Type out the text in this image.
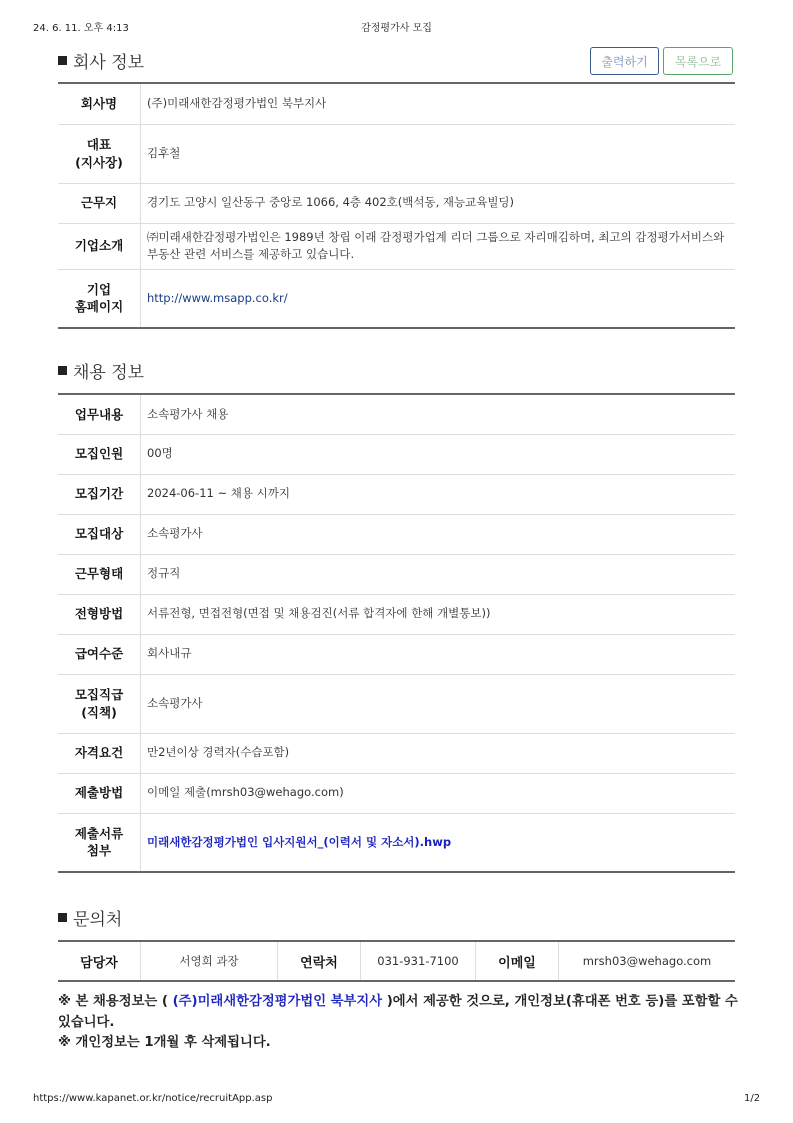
24. 6. 11. 오후 4:13	감정평가사 모집
회사 정보	출력하기	목록으로
회사명	(주)미래새한감정평가법인 북부지사
대표
(지사장)	김후철
근무지	경기도 고양시 일산동구 중앙로 1066, 4층 402호(백석동, 재능교육빌딩)
기업소개	㈜미래새한감정평가법인은 1989년 창립 이래 감정평가업계 리더 그룹으로 자리매김하며, 최고의 감정평가서비스와 부동산 관련 서비스를 제공하고 있습니다.
기업
홈페이지	http://www.msapp.co.kr/
채용 정보
업무내용	소속평가사 채용
모집인원	00명
모집기간	2024-06-11 ~ 채용 시까지
모집대상	소속평가사
근무형태	정규직
전형방법	서류전형, 면접전형(면접 및 채용검진(서류 합격자에 한해 개별통보))
급여수준	회사내규
모집직급
(직책)	소속평가사
자격요건	만2년이상 경력자(수습포함)
제출방법	이메일 제출(mrsh03@wehago.com)
제출서류
첨부	미래새한감정평가법인 입사지원서_(이력서 및 자소서).hwp
문의처
담당자	서영희 과장	연락처	031-931-7100	이메일	mrsh03@wehago.com
※ 본 채용정보는 ( (주)미래새한감정평가법인 북부지사 )에서 제공한 것으로, 개인정보(휴대폰 번호 등)를 포함할 수 있습니다.
※ 개인정보는 1개월 후 삭제됩니다.
https://www.kapanet.or.kr/notice/recruitApp.asp	1/2
